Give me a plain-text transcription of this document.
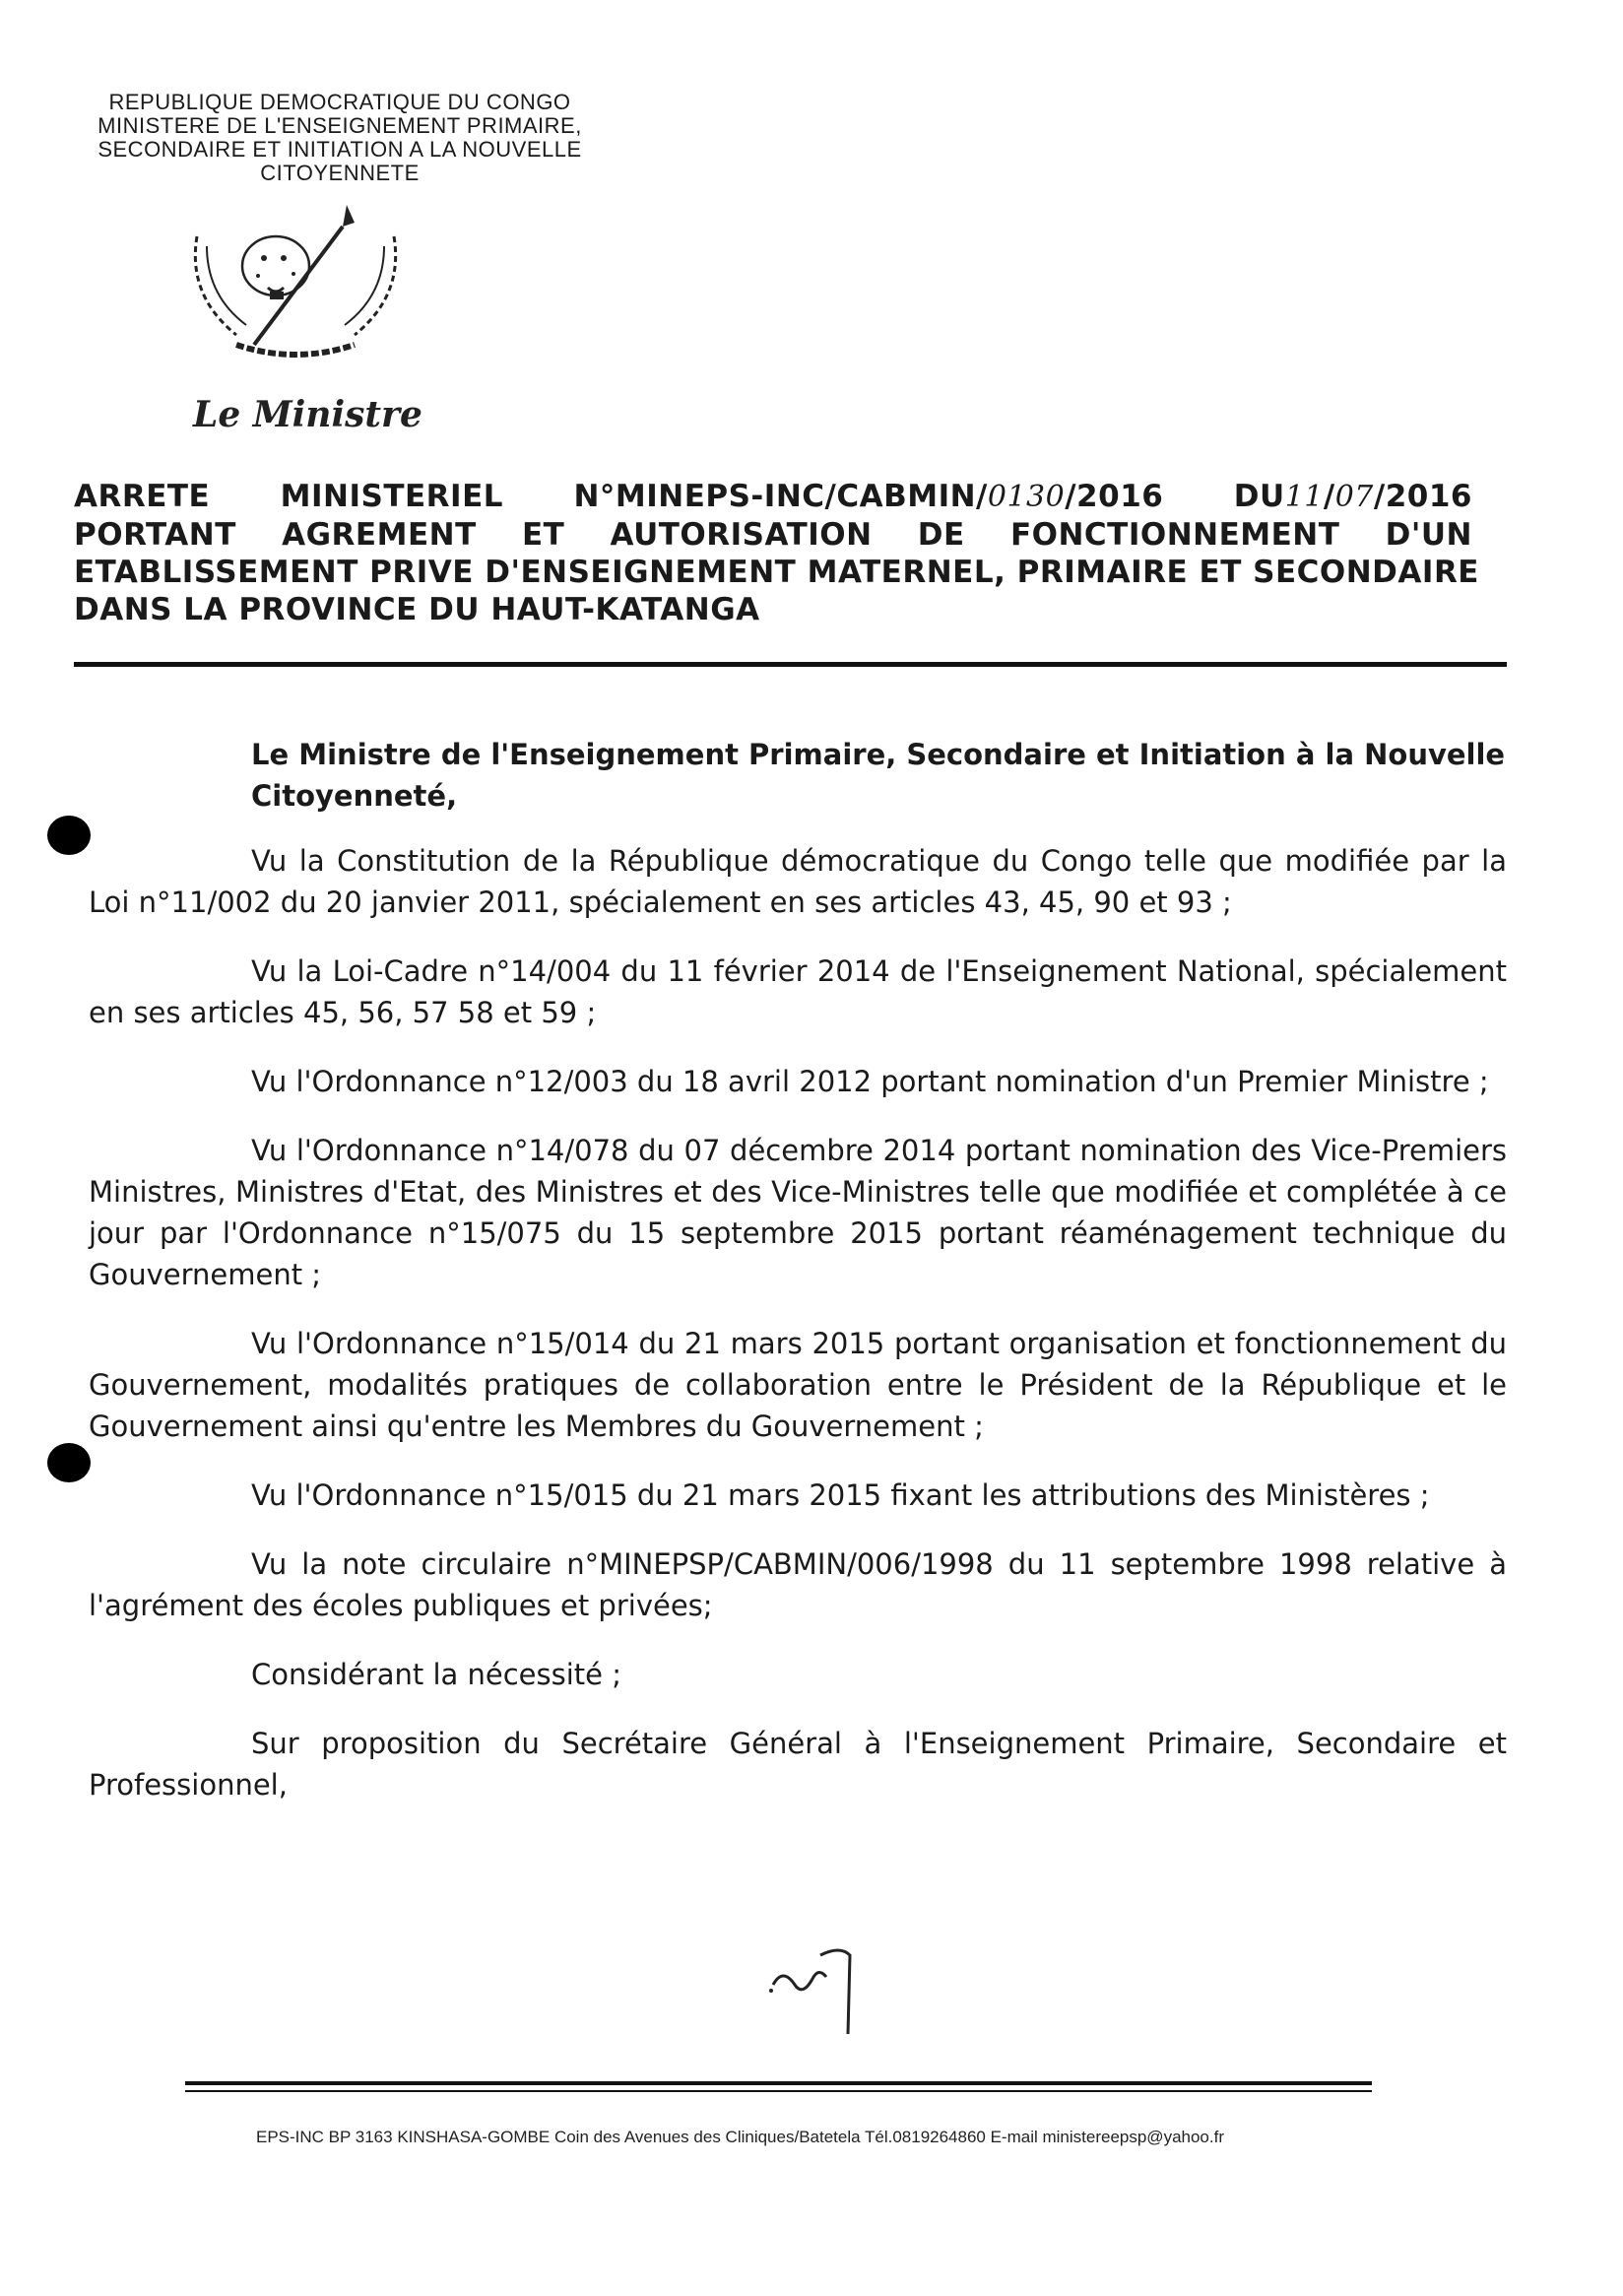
REPUBLIQUE DEMOCRATIQUE DU CONGO
MINISTERE DE L'ENSEIGNEMENT PRIMAIRE,
SECONDAIRE ET INITIATION A LA NOUVELLE
CITOYENNETE
Le Ministre
ARRETE MINISTERIEL N°MINEPS-INC/CABMIN/0130/2016 DU11/07/2016
PORTANT AGREMENT ET AUTORISATION DE FONCTIONNEMENT D'UN
ETABLISSEMENT PRIVE D'ENSEIGNEMENT MATERNEL, PRIMAIRE ET SECONDAIRE
DANS LA PROVINCE DU HAUT-KATANGA

Le Ministre de l'Enseignement Primaire, Secondaire et Initiation à la Nouvelle Citoyenneté,

Vu la Constitution de la République démocratique du Congo telle que modifiée par la Loi n°11/002 du 20 janvier 2011, spécialement en ses articles 43, 45, 90 et 93 ;

Vu la Loi-Cadre n°14/004 du 11 février 2014 de l'Enseignement National, spécialement en ses articles 45, 56, 57 58 et 59 ;

Vu l'Ordonnance n°12/003 du 18 avril 2012 portant nomination d'un Premier Ministre ;

Vu l'Ordonnance n°14/078 du 07 décembre 2014 portant nomination des Vice-Premiers Ministres, Ministres d'Etat, des Ministres et des Vice-Ministres telle que modifiée et complétée à ce jour par l'Ordonnance n°15/075 du 15 septembre 2015 portant réaménagement technique du Gouvernement ;

Vu l'Ordonnance n°15/014 du 21 mars 2015 portant organisation et fonctionnement du Gouvernement, modalités pratiques de collaboration entre le Président de la République et le Gouvernement ainsi qu'entre les Membres du Gouvernement ;

Vu l'Ordonnance n°15/015 du 21 mars 2015 fixant les attributions des Ministères ;

Vu la note circulaire n°MINEPSP/CABMIN/006/1998 du 11 septembre 1998 relative à l'agrément des écoles publiques et privées;

Considérant la nécessité ;

Sur proposition du Secrétaire Général à l'Enseignement Primaire, Secondaire et Professionnel,

EPS-INC BP 3163 KINSHASA-GOMBE Coin des Avenues des Cliniques/Batetela Tél.0819264860 E-mail ministereepsp@yahoo.fr
